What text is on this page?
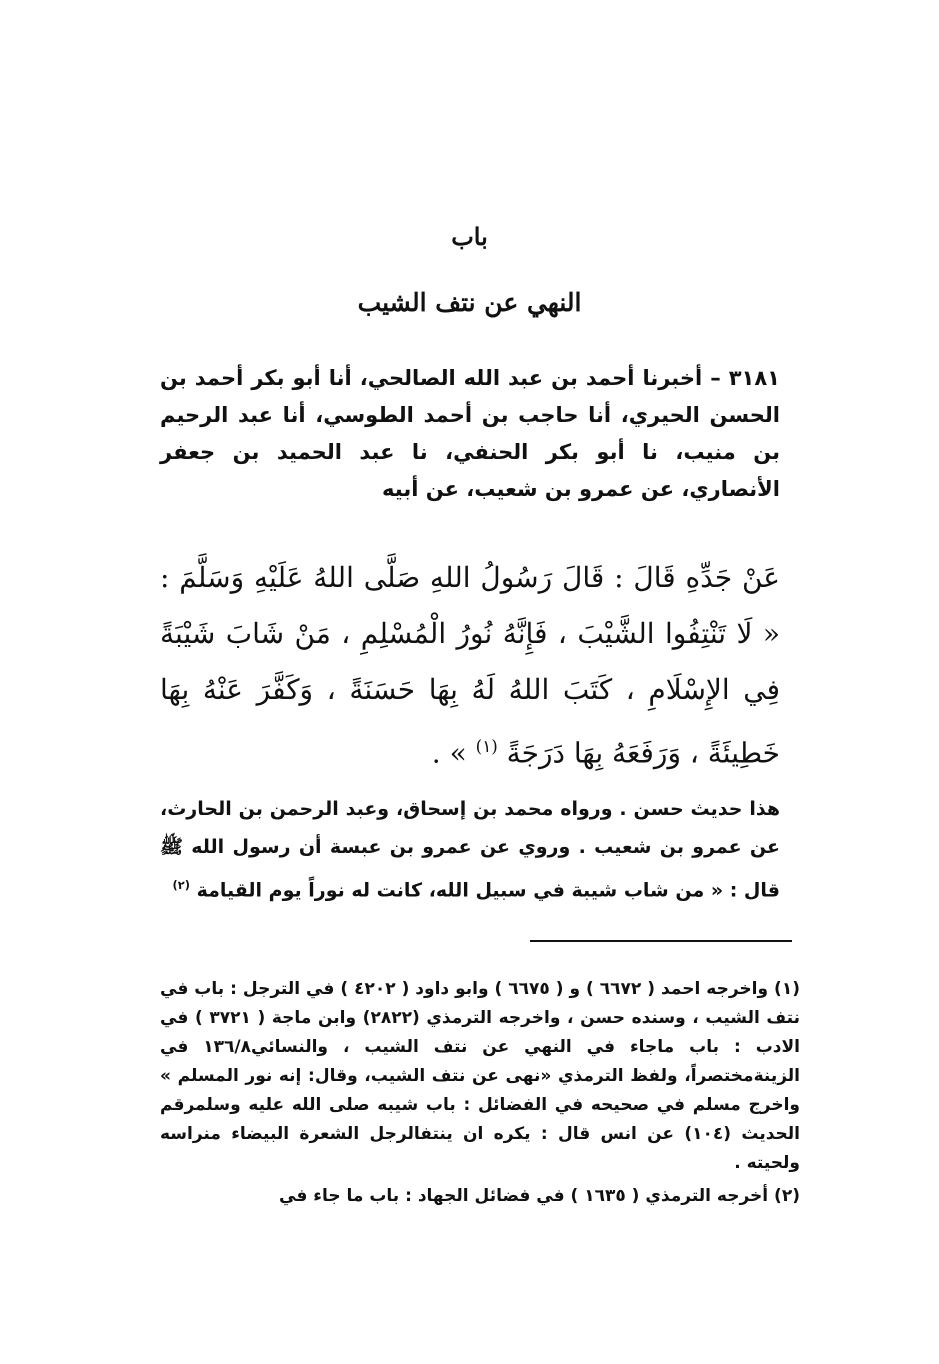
باب
النهي عن نتف الشيب
٣١٨١ – أخبرنا أحمد بن عبد الله الصالحي، أنا أبو بكر أحمد بن الحسن الحيري، أنا حاجب بن أحمد الطوسي، أنا عبد الرحيم بن منيب، نا أبو بكر الحنفي، نا عبد الحميد بن جعفر الأنصاري، عن عمرو بن شعيب، عن أبيه
عَنْ جَدِّهِ قَالَ : قَالَ رَسُولُ اللهِ صَلَّى اللهُ عَلَيْهِ وَسَلَّمَ : « لَا تَنْتِفُوا الشَّيْبَ ، فَإِنَّهُ نُورُ الْمُسْلِمِ ، مَنْ شَابَ شَيْبَةً فِي الإِسْلَامِ ، كَتَبَ اللهُ لَهُ بِهَا حَسَنَةً ، وَكَفَّرَ عَنْهُ بِهَا خَطِيئَةً ، وَرَفَعَهُ بِهَا دَرَجَةً $^{(١)}$ » .
هذا حديث حسن . ورواه محمد بن إسحاق، وعبد الرحمن بن الحارث، عن عمرو بن شعيب . وروي عن عمرو بن عبسة أن رسول الله ﷺ قال : « من شاب شيبة في سبيل الله، كانت له نوراً يوم القيامة $^{(٢)}$

(١) واخرجه احمد ( ٦٦٧٢ ) و ( ٦٦٧٥ ) وابو داود ( ٤٢٠٢ ) في الترجل : باب في نتف الشيب ، وسنده حسن ، واخرجه الترمذي (٢٨٢٢) وابن ماجة ( ٣٧٢١ ) في الادب : باب ماجاء في النهي عن نتف الشيب ، والنسائي١٣٦/٨ في الزينةمختصراً، ولفظ الترمذي «نهى عن نتف الشيب، وقال: إنه نور المسلم » واخرج مسلم في صحيحه في الفضائل : باب شيبه صلى الله عليه وسلمرقم الحديث (١٠٤) عن انس قال : يكره ان ينتفالرجل الشعرة البيضاء منراسه ولحيته .

(٢) أخرجه الترمذي ( ١٦٣٥ ) في فضائل الجهاد : باب ما جاء في
